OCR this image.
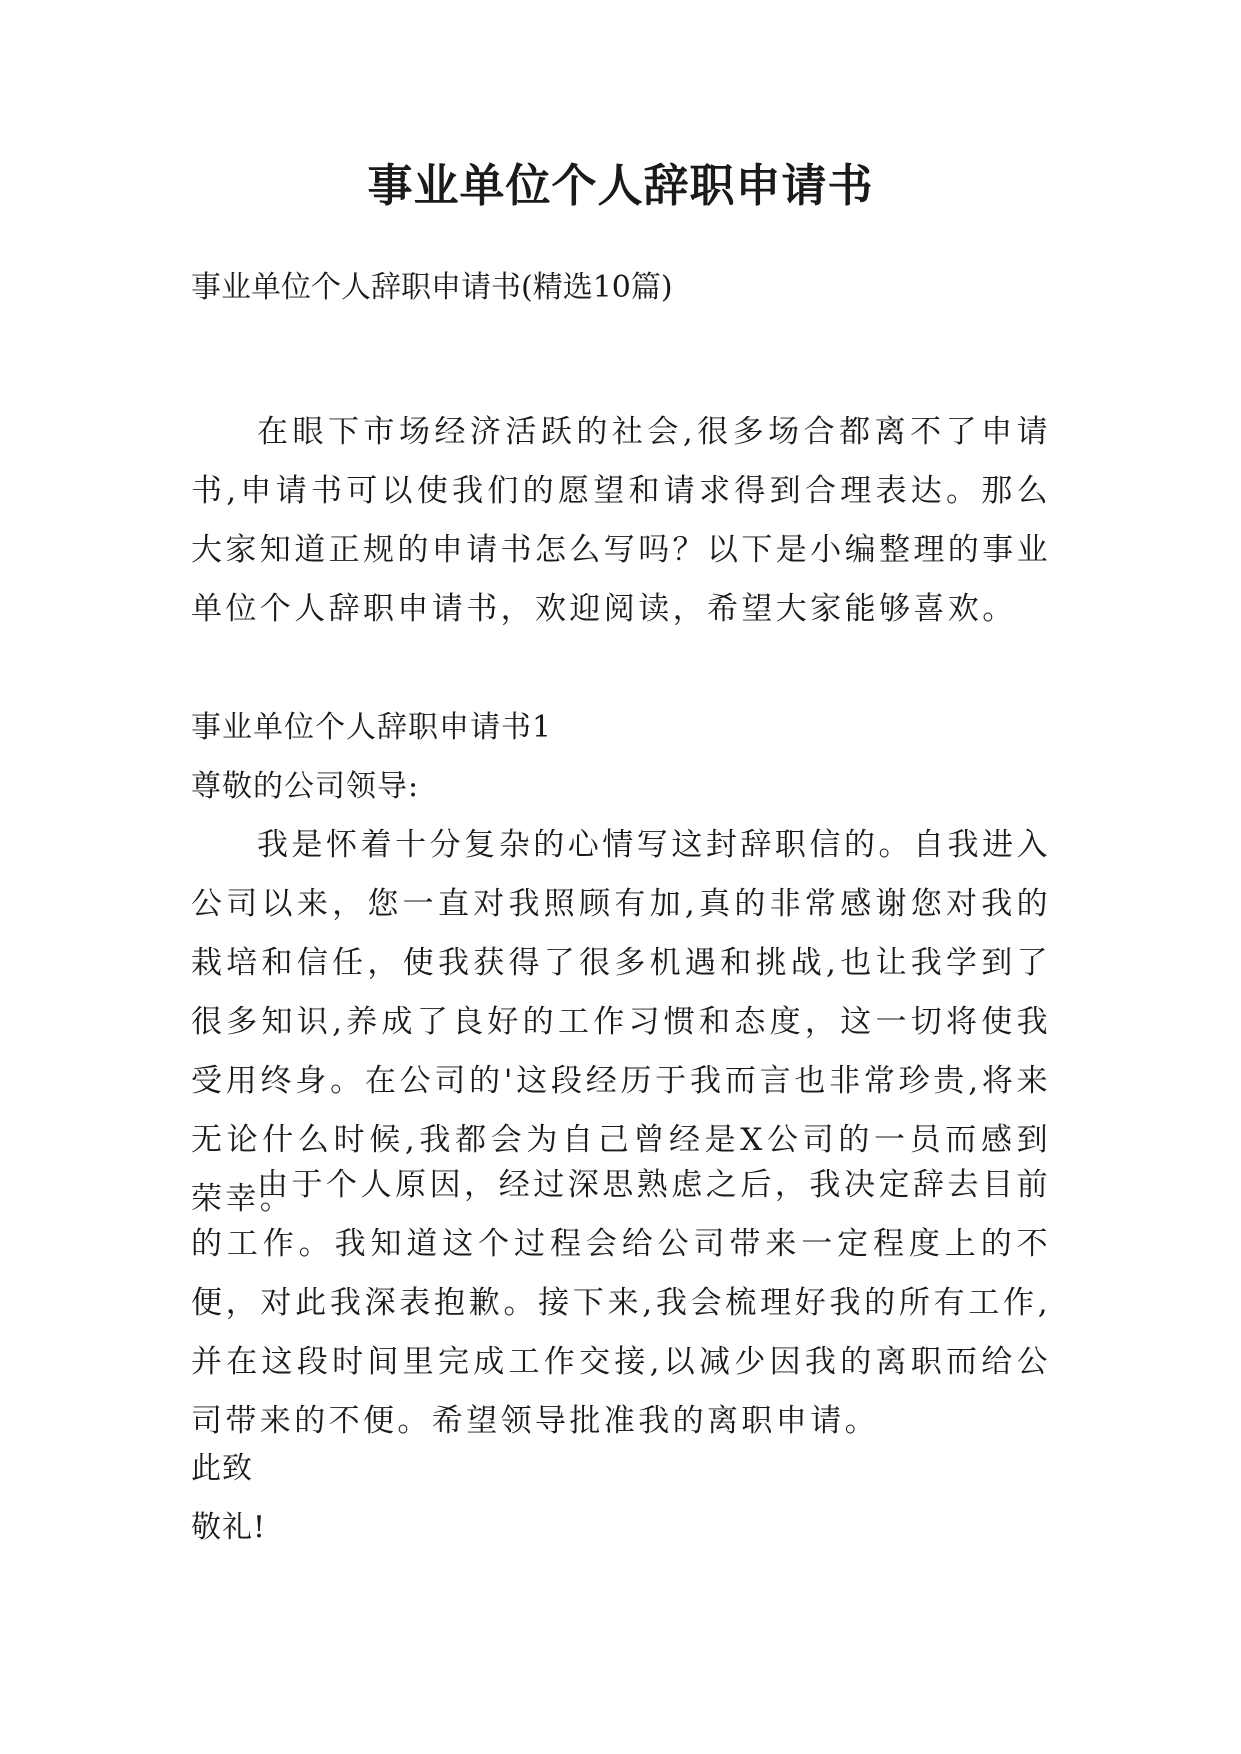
事业单位个人辞职申请书

事业单位个人辞职申请书(精选10篇)

在眼下市场经济活跃的社会,很多场合都离不了申请书,申请书可以使我们的愿望和请求得到合理表达。那么大家知道正规的申请书怎么写吗？以下是小编整理的事业单位个人辞职申请书，欢迎阅读，希望大家能够喜欢。

事业单位个人辞职申请书1

尊敬的公司领导:

我是怀着十分复杂的心情写这封辞职信的。自我进入公司以来，您一直对我照顾有加,真的非常感谢您对我的栽培和信任，使我获得了很多机遇和挑战,也让我学到了很多知识,养成了良好的工作习惯和态度，这一切将使我受用终身。在公司的'这段经历于我而言也非常珍贵,将来无论什么时候,我都会为自己曾经是X公司的一员而感到荣幸。

由于个人原因，经过深思熟虑之后，我决定辞去目前的工作。我知道这个过程会给公司带来一定程度上的不便，对此我深表抱歉。接下来,我会梳理好我的所有工作,并在这段时间里完成工作交接,以减少因我的离职而给公司带来的不便。希望领导批准我的离职申请。

此致

敬礼!
